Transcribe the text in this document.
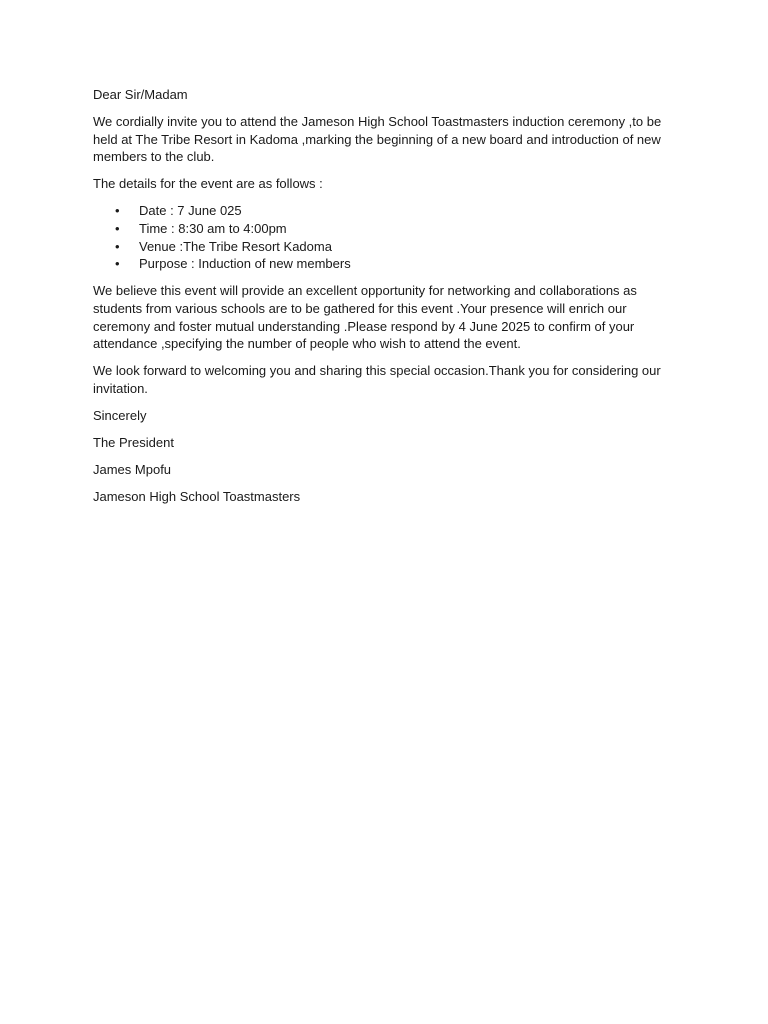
Dear Sir/Madam

We cordially invite you to attend the Jameson High School Toastmasters induction ceremony ,to be held at The Tribe Resort in Kadoma ,marking the beginning of a new board and introduction of new members to the club.

The details for the event are as follows :

• Date : 7 June 025
• Time : 8:30 am to 4:00pm
• Venue :The Tribe Resort Kadoma
• Purpose : Induction of new members

We believe this event will provide an excellent opportunity for networking and collaborations as students from various schools are to be gathered for this event .Your presence will enrich our ceremony and foster mutual understanding .Please respond by 4 June 2025 to confirm of your attendance ,specifying the number of people who wish to attend the event.

We look forward to welcoming you and sharing this special occasion.Thank you for considering our invitation.

Sincerely

The President

James Mpofu

Jameson High School Toastmasters
